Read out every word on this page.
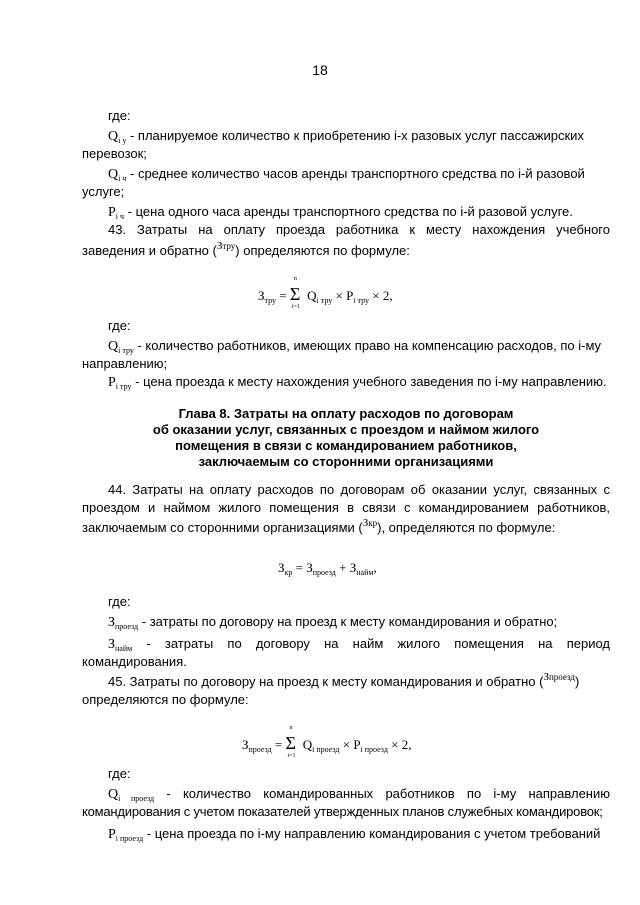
18
где:
$Q_{i у}$ - планируемое количество к приобретению i-х разовых услуг пассажирских
перевозок;
$Q_{i ч}$ - среднее количество часов аренды транспортного средства по i-й разовой
услуге;
$P_{i ч}$ - цена одного часа аренды транспортного средства по i-й разовой услуге.
43. Затраты на оплату проезда работника к месту нахождения учебного
заведения и обратно ($^{Зтру}$) определяются по формуле:
$З_{тру}$ =
n
Σ
i=1
$Q_{i тру} \times P_{i тру} \times 2$,
где:
$Q_{i тру}$ - количество работников, имеющих право на компенсацию расходов, по i-му
направлению;
$P_{i тру}$ - цена проезда к месту нахождения учебного заведения по i-му направлению.
Глава 8. Затраты на оплату расходов по договорам
об оказании услуг, связанных с проездом и наймом жилого
помещения в связи с командированием работников,
заключаемым со сторонними организациями
44. Затраты на оплату расходов по договорам об оказании услуг, связанных с
проездом и наймом жилого помещения в связи с командированием работников,
заключаемым со сторонними организациями ($^{Зкр}$), определяются по формуле:
$З_{кр} = З_{проезд} + З_{найм}$,
где:
$З_{проезд}$ - затраты по договору на проезд к месту командирования и обратно;
$З_{найм}$ - затраты по договору на найм жилого помещения на период
командирования.
45. Затраты по договору на проезд к месту командирования и обратно ($^{Зпроезд}$)
определяются по формуле:
$З_{проезд}$ =
n
Σ
i=1
$Q_{i проезд} \times P_{i проезд} \times 2$,
где:
$Q_{i проезд}$ - количество командированных работников по i-му направлению
командирования с учетом показателей утвержденных планов служебных командировок;
$P_{i проезд}$ - цена проезда по i-му направлению командирования с учетом требований
